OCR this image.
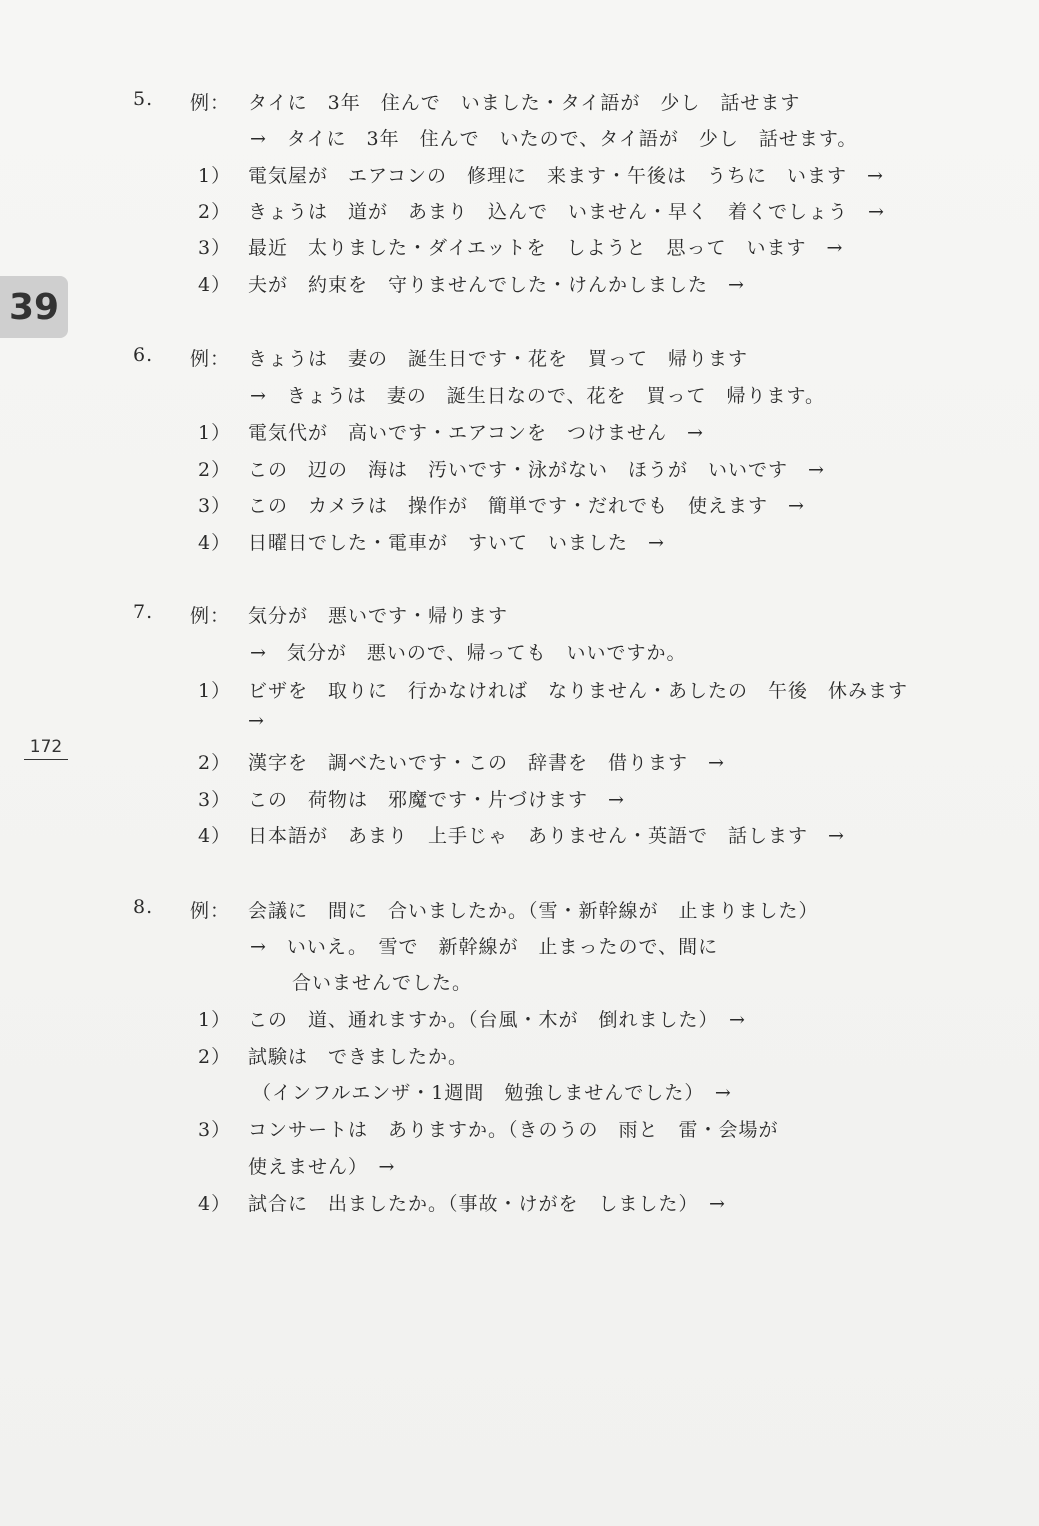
39
172
5. 例： タイに　3年　住んで　いました・タイ語が　少し　話せます
→　タイに　3年　住んで　いたので、タイ語が　少し　話せます。
1） 電気屋が　エアコンの　修理に　来ます・午後は　うちに　います　→
2） きょうは　道が　あまり　込んで　いません・早く　着くでしょう　→
3） 最近　太りました・ダイエットを　しようと　思って　います　→
4） 夫が　約束を　守りませんでした・けんかしました　→
6. 例： きょうは　妻の　誕生日です・花を　買って　帰ります
→　きょうは　妻の　誕生日なので、花を　買って　帰ります。
1） 電気代が　高いです・エアコンを　つけません　→
2） この　辺の　海は　汚いです・泳がない　ほうが　いいです　→
3） この　カメラは　操作が　簡単です・だれでも　使えます　→
4） 日曜日でした・電車が　すいて　いました　→
7. 例： 気分が　悪いです・帰ります
→　気分が　悪いので、帰っても　いいですか。
1） ビザを　取りに　行かなければ　なりません・あしたの　午後　休みます
→
2） 漢字を　調べたいです・この　辞書を　借ります　→
3） この　荷物は　邪魔です・片づけます　→
4） 日本語が　あまり　上手じゃ　ありません・英語で　話します　→
8. 例： 会議に　間に　合いましたか。（雪・新幹線が　止まりました）
→　いいえ。　雪で　新幹線が　止まったので、間に
合いませんでした。
1） この　道、通れますか。（台風・木が　倒れました）　→
2） 試験は　できましたか。
（インフルエンザ・1週間　勉強しませんでした）　→
3） コンサートは　ありますか。（きのうの　雨と　雷・会場が
使えません）　→
4） 試合に　出ましたか。（事故・けがを　しました）　→
